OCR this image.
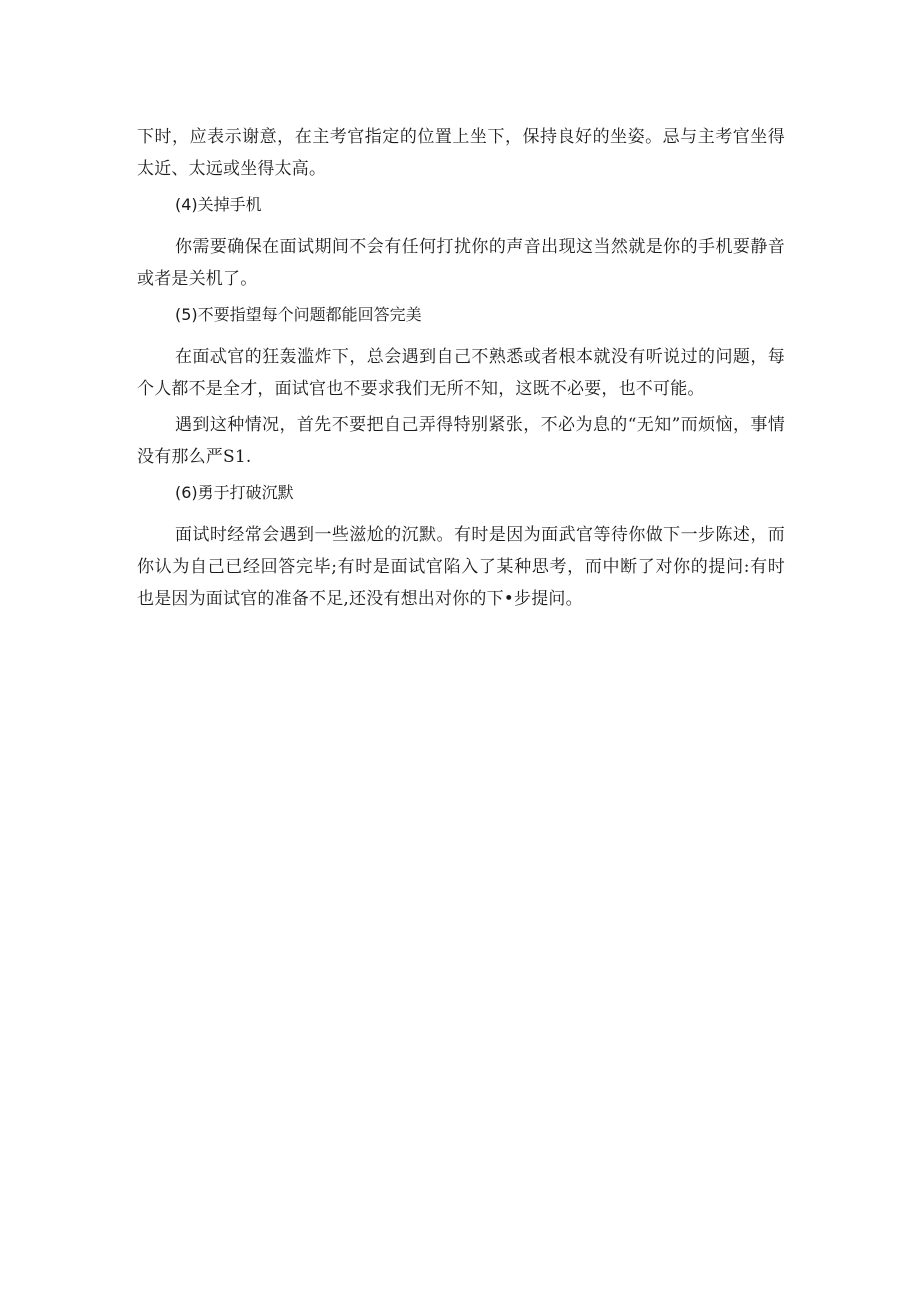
下时，应表示谢意，在主考官指定的位置上坐下，保持良好的坐姿。忌与主考官坐得太近、太远或坐得太高。

(4)关掉手机

你需要确保在面试期间不会有任何打扰你的声音出现这当然就是你的手机要静音或者是关机了。

(5)不要指望每个问题都能回答完美

在面忒官的狂轰滥炸下，总会遇到自己不熟悉或者根本就没有听说过的问题，每个人都不是全才，面试官也不要求我们无所不知，这既不必要，也不可能。

遇到这种情况，首先不要把自己弄得特别紧张，不必为息的“无知”而烦恼，事情没有那么严S1.

(6)勇于打破沉默

面试时经常会遇到一些滋尬的沉默。有时是因为面武官等待你做下一步陈述，而你认为自己已经回答完毕;有时是面试官陷入了某种思考，而中断了对你的提问:有时也是因为面试官的准备不足,还没有想出对你的下•步提问。
